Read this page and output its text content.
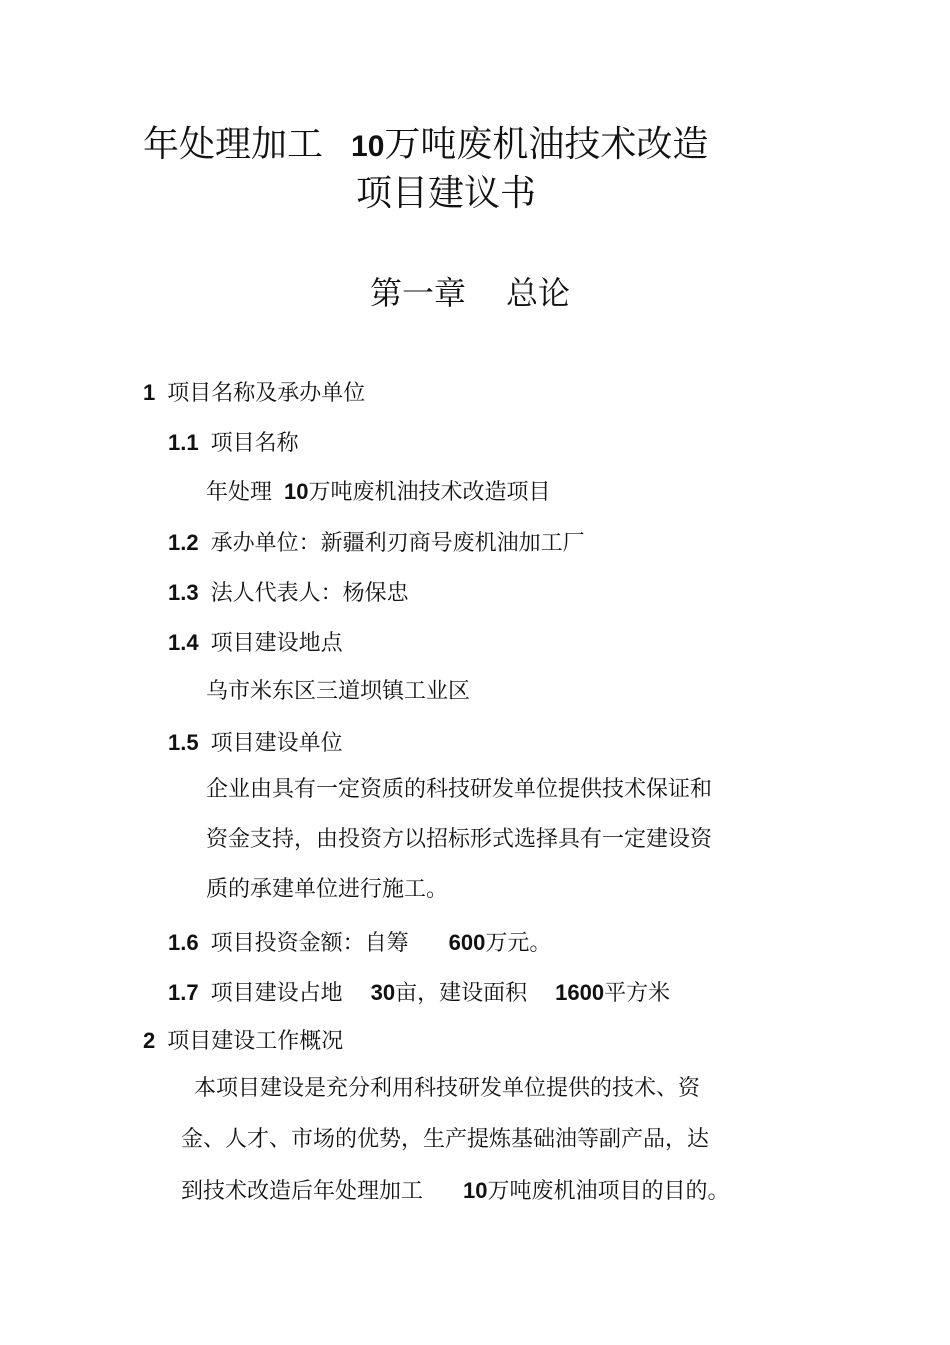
年处理加工 10万吨废机油技术改造
项目建议书
第一章 总论
1 项目名称及承办单位
1.1 项目名称
年处理 10万吨废机油技术改造项目
1.2 承办单位：新疆利刃商号废机油加工厂
1.3 法人代表人：杨保忠
1.4 项目建设地点
乌市米东区三道坝镇工业区
1.5 项目建设单位
企业由具有一定资质的科技研发单位提供技术保证和
资金支持，由投资方以招标形式选择具有一定建设资
质的承建单位进行施工。
1.6 项目投资金额：自筹 600万元。
1.7 项目建设占地 30亩，建设面积 1600平方米
2 项目建设工作概况
本项目建设是充分利用科技研发单位提供的技术、资
金、人才、市场的优势，生产提炼基础油等副产品，达
到技术改造后年处理加工 10万吨废机油项目的目的。
